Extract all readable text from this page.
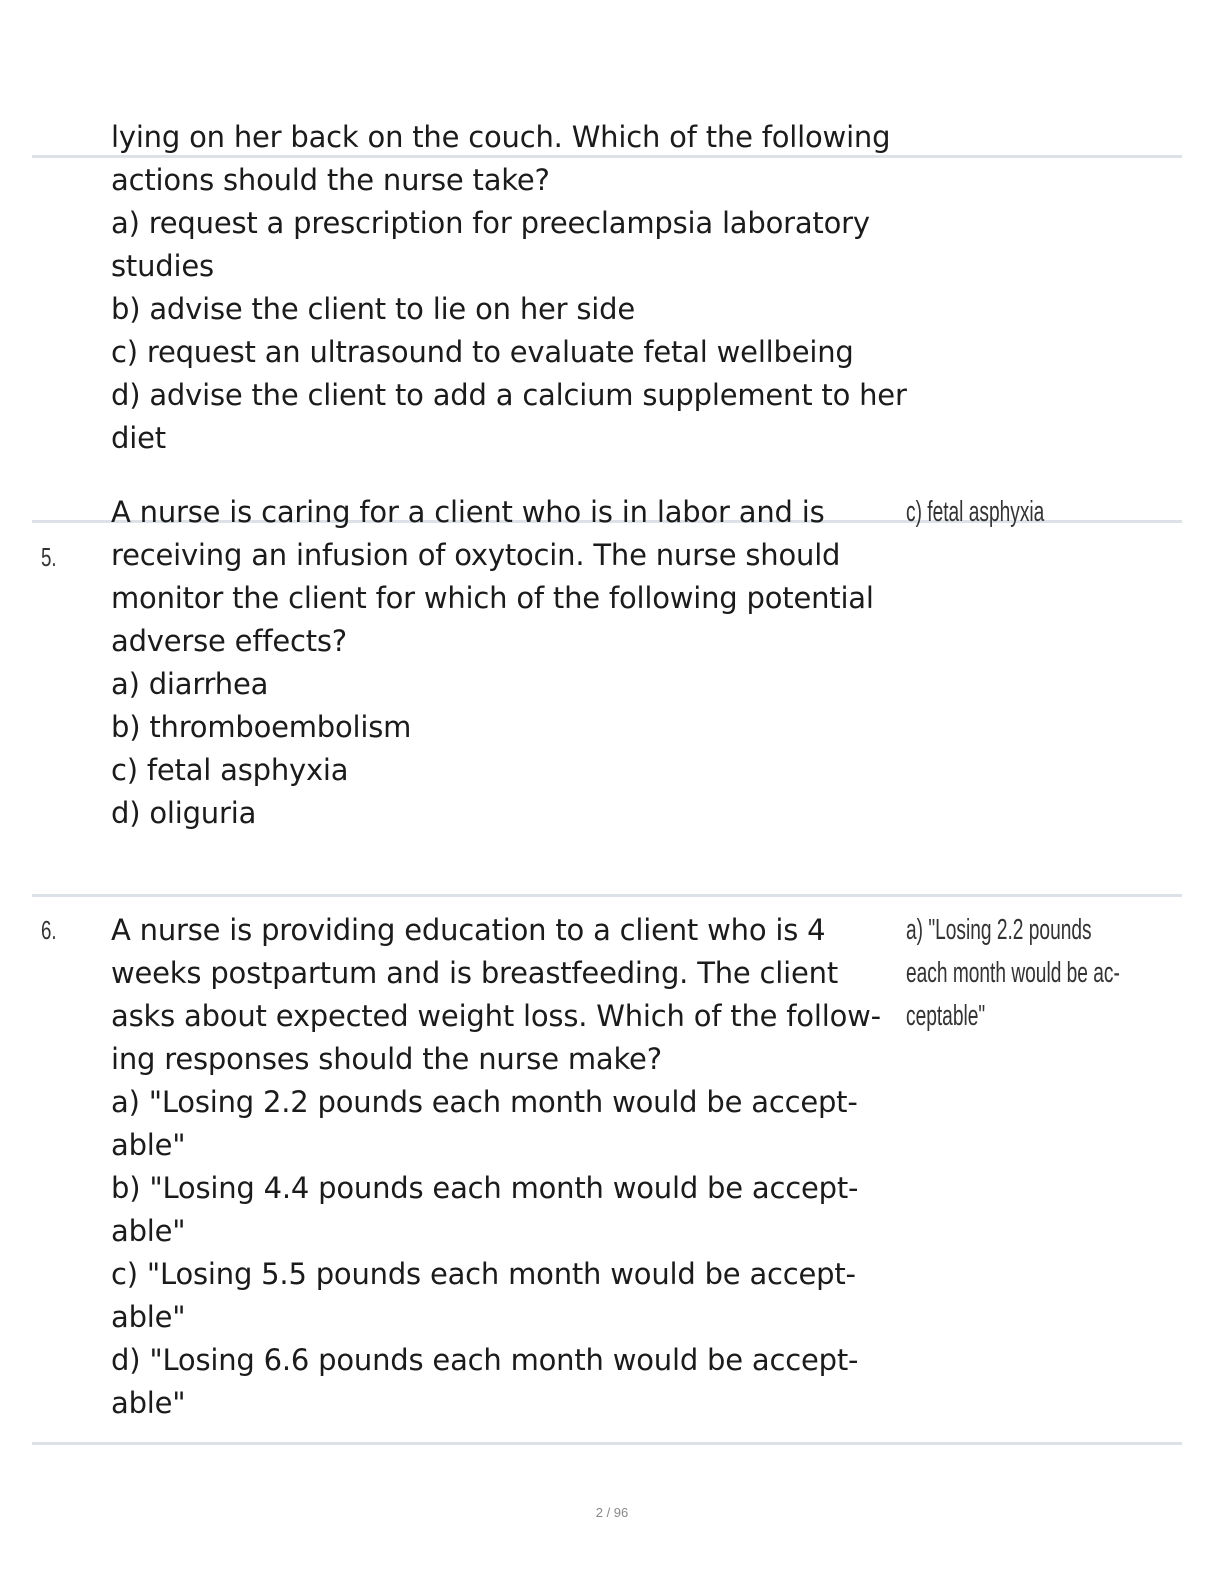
lying on her back on the couch. Which of the following
actions should the nurse take?
a) request a prescription for preeclampsia laboratory
studies
b) advise the client to lie on her side
c) request an ultrasound to evaluate fetal wellbeing
d) advise the client to add a calcium supplement to her
diet
5.
A nurse is caring for a client who is in labor and is
receiving an infusion of oxytocin. The nurse should
monitor the client for which of the following potential
adverse effects?
a) diarrhea
b) thromboembolism
c) fetal asphyxia
d) oliguria
c) fetal asphyxia
6. A nurse is providing education to a client who is 4
weeks postpartum and is breastfeeding. The client
asks about expected weight loss. Which of the follow-
ing responses should the nurse make?
a) "Losing 2.2 pounds each month would be accept-
able"
b) "Losing 4.4 pounds each month would be accept-
able"
c) "Losing 5.5 pounds each month would be accept-
able"
d) "Losing 6.6 pounds each month would be accept-
able"
a) "Losing 2.2 pounds
each month would be ac-
ceptable"
2 / 96
